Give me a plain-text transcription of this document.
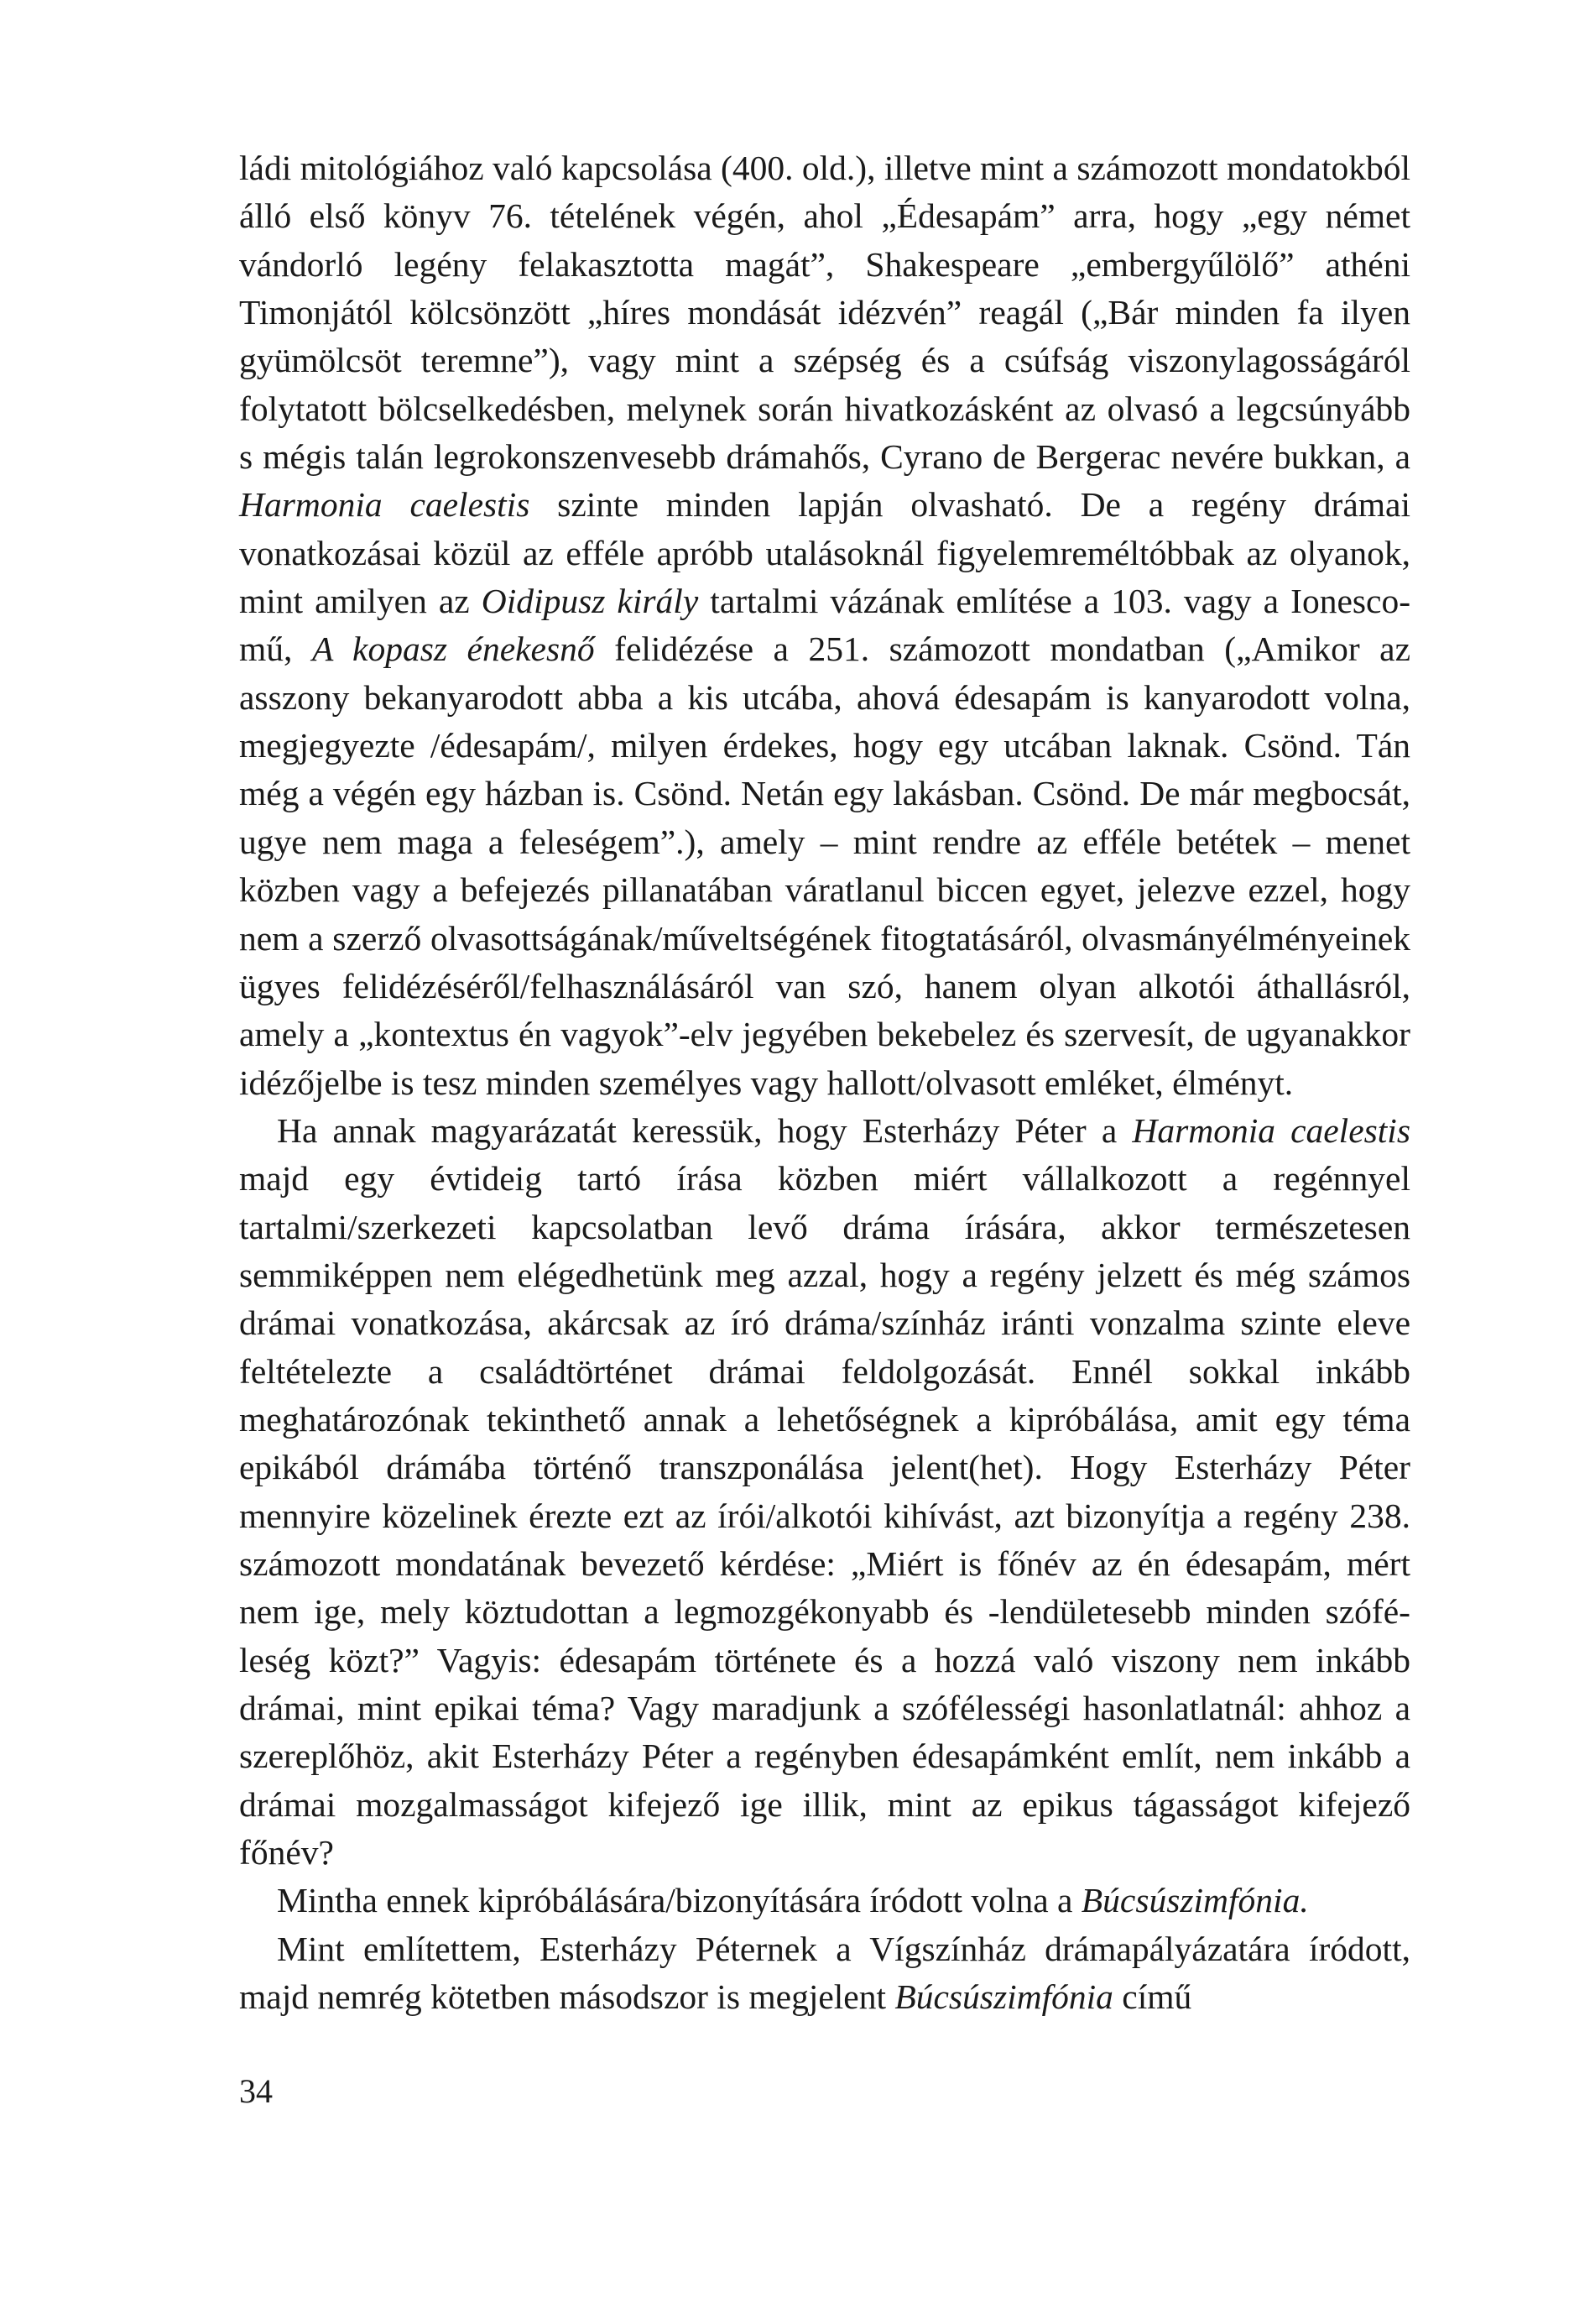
ládi mitológiához való kapcsolása (400. old.), illetve mint a számozott mondatokból álló első könyv 76. tételének végén, ahol „Édesapám” arra, hogy „egy német vándorló legény felakasztotta magát”, Shakespeare „embergyűlölő” athéni Timonjától kölcsönzött „híres mondását idézvén” reagál („Bár minden fa ilyen gyümölcsöt teremne”), vagy mint a szépség és a csúfság viszonylagosságáról folytatott bölcselkedésben, melynek során hivatkozásként az olvasó a legcsúnyább s mégis talán legrokonszenvesebb drámahős, Cyrano de Bergerac nevére bukkan, a Harmonia caelestis szinte minden lapján olvasható. De a regény drámai vonatkozásai közül az efféle apróbb utalásoknál figyelemreméltóbbak az olyanok, mint amilyen az Oidipusz király tartalmi vázának említése a 103. vagy a Ionesco-mű, A kopasz énekesnő felidézése a 251. számozott mondatban („Amikor az asszony bekanyarodott abba a kis utcába, ahová édesapám is kanyarodott volna, megjegyezte /édesapám/, milyen érdekes, hogy egy utcában laknak. Csönd. Tán még a végén egy házban is. Csönd. Netán egy lakásban. Csönd. De már megbocsát, ugye nem maga a feleségem”.), amely – mint rendre az efféle betétek – menet közben vagy a befejezés pillanatában váratlanul biccen egyet, jelezve ezzel, hogy nem a szerző olvasottságának/műveltségének fitogtatásáról, olvasmányélményeinek ügyes felidézéséről/felhasználásáról van szó, hanem olyan alkotói áthallásról, amely a „kontextus én vagyok”-elv jegyében bekebelez és szervesít, de ugyanakkor idézőjelbe is tesz minden személyes vagy hallott/olvasott emléket, élményt.

Ha annak magyarázatát keressük, hogy Esterházy Péter a Harmonia caelestis majd egy évtideig tartó írása közben miért vállalkozott a regénnyel tartalmi/szerkezeti kapcsolatban levő dráma írására, akkor természetesen semmiképpen nem elégedhetünk meg azzal, hogy a regény jelzett és még számos drámai vonatkozása, akárcsak az író dráma/színház iránti vonzalma szinte eleve feltételezte a családtörténet drámai feldolgozását. Ennél sokkal inkább meghatározónak tekinthető annak a lehetőségnek a kipróbálása, amit egy téma epikából drámába történő transzponálása jelent(het). Hogy Esterházy Péter mennyire közelinek érezte ezt az írói/alkotói kihívást, azt bizonyítja a regény 238. számozott mondatának bevezető kérdése: „Miért is főnév az én édesapám, mért nem ige, mely köztudottan a legmozgékonyabb és -lendületesebb minden szóféleség közt?” Vagyis: édesapám története és a hozzá való viszony nem inkább drámai, mint epikai téma? Vagy maradjunk a szófélességi hasonlatlatnál: ahhoz a szereplőhöz, akit Esterházy Péter a regényben édesapámként említ, nem inkább a drámai mozgalmasságot kifejező ige illik, mint az epikus tágasságot kifejező főnév?

Mintha ennek kipróbálására/bizonyítására íródott volna a Búcsúszimfónia.

Mint említettem, Esterházy Péternek a Vígszínház drámapályázatára íródott, majd nemrég kötetben másodszor is megjelent Búcsúszimfónia című

34
